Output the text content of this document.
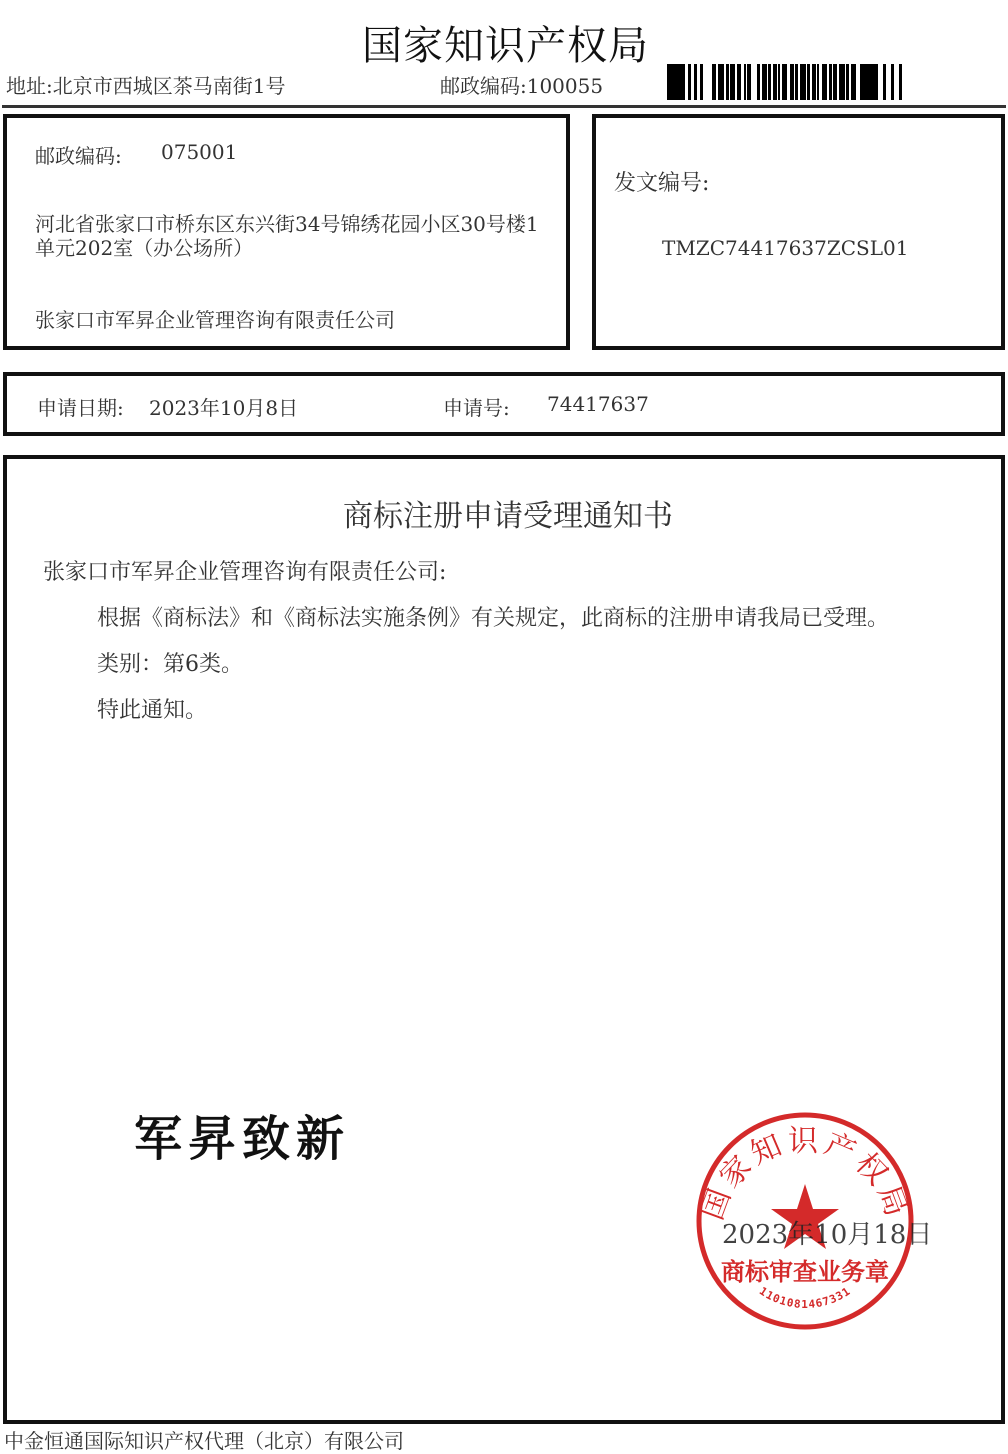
国家知识产权局
地址:北京市西城区茶马南街1号	邮政编码:100055
邮政编码: 075001
河北省张家口市桥东区东兴街34号锦绣花园小区30号楼1
单元202室（办公场所）
张家口市军昇企业管理咨询有限责任公司
发文编号:
TMZC74417637ZCSL01
申请日期: 2023年10月8日	申请号: 74417637
商标注册申请受理通知书
张家口市军昇企业管理咨询有限责任公司:
根据《商标法》和《商标法实施条例》有关规定，此商标的注册申请我局已受理。
类别：第6类。
特此通知。
军昇致新
国家知识产权局
商标审查业务章
1101081467331
2023年10月18日
中金恒通国际知识产权代理（北京）有限公司
